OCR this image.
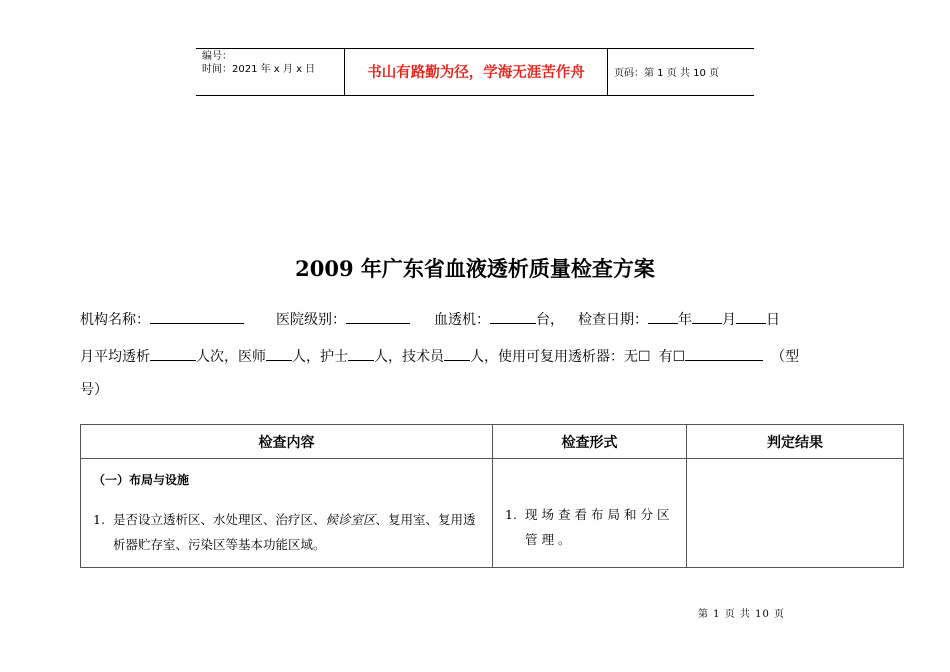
编号：
时间：2021 年 x 月 x 日	书山有路勤为径，学海无涯苦作舟	页码：第 1 页 共 10 页
2009 年广东省血液透析质量检查方案
机构名称：	医院级别：	血透机：	台， 检查日期： 年 月 日
月平均透析	人次，医师 人，护士 人，技术员 人，使用可复用透析器：无☐ 有☐	（型
号）
检查内容	检查形式	判定结果

（一）布局与设施
1. 是否设立透析区、水处理区、治疗区、候诊室区、复用室、复用透析器贮存室、污染区等基本功能区域。	1. 现场查看布局和分区管理。	

第 1 页 共 10 页
